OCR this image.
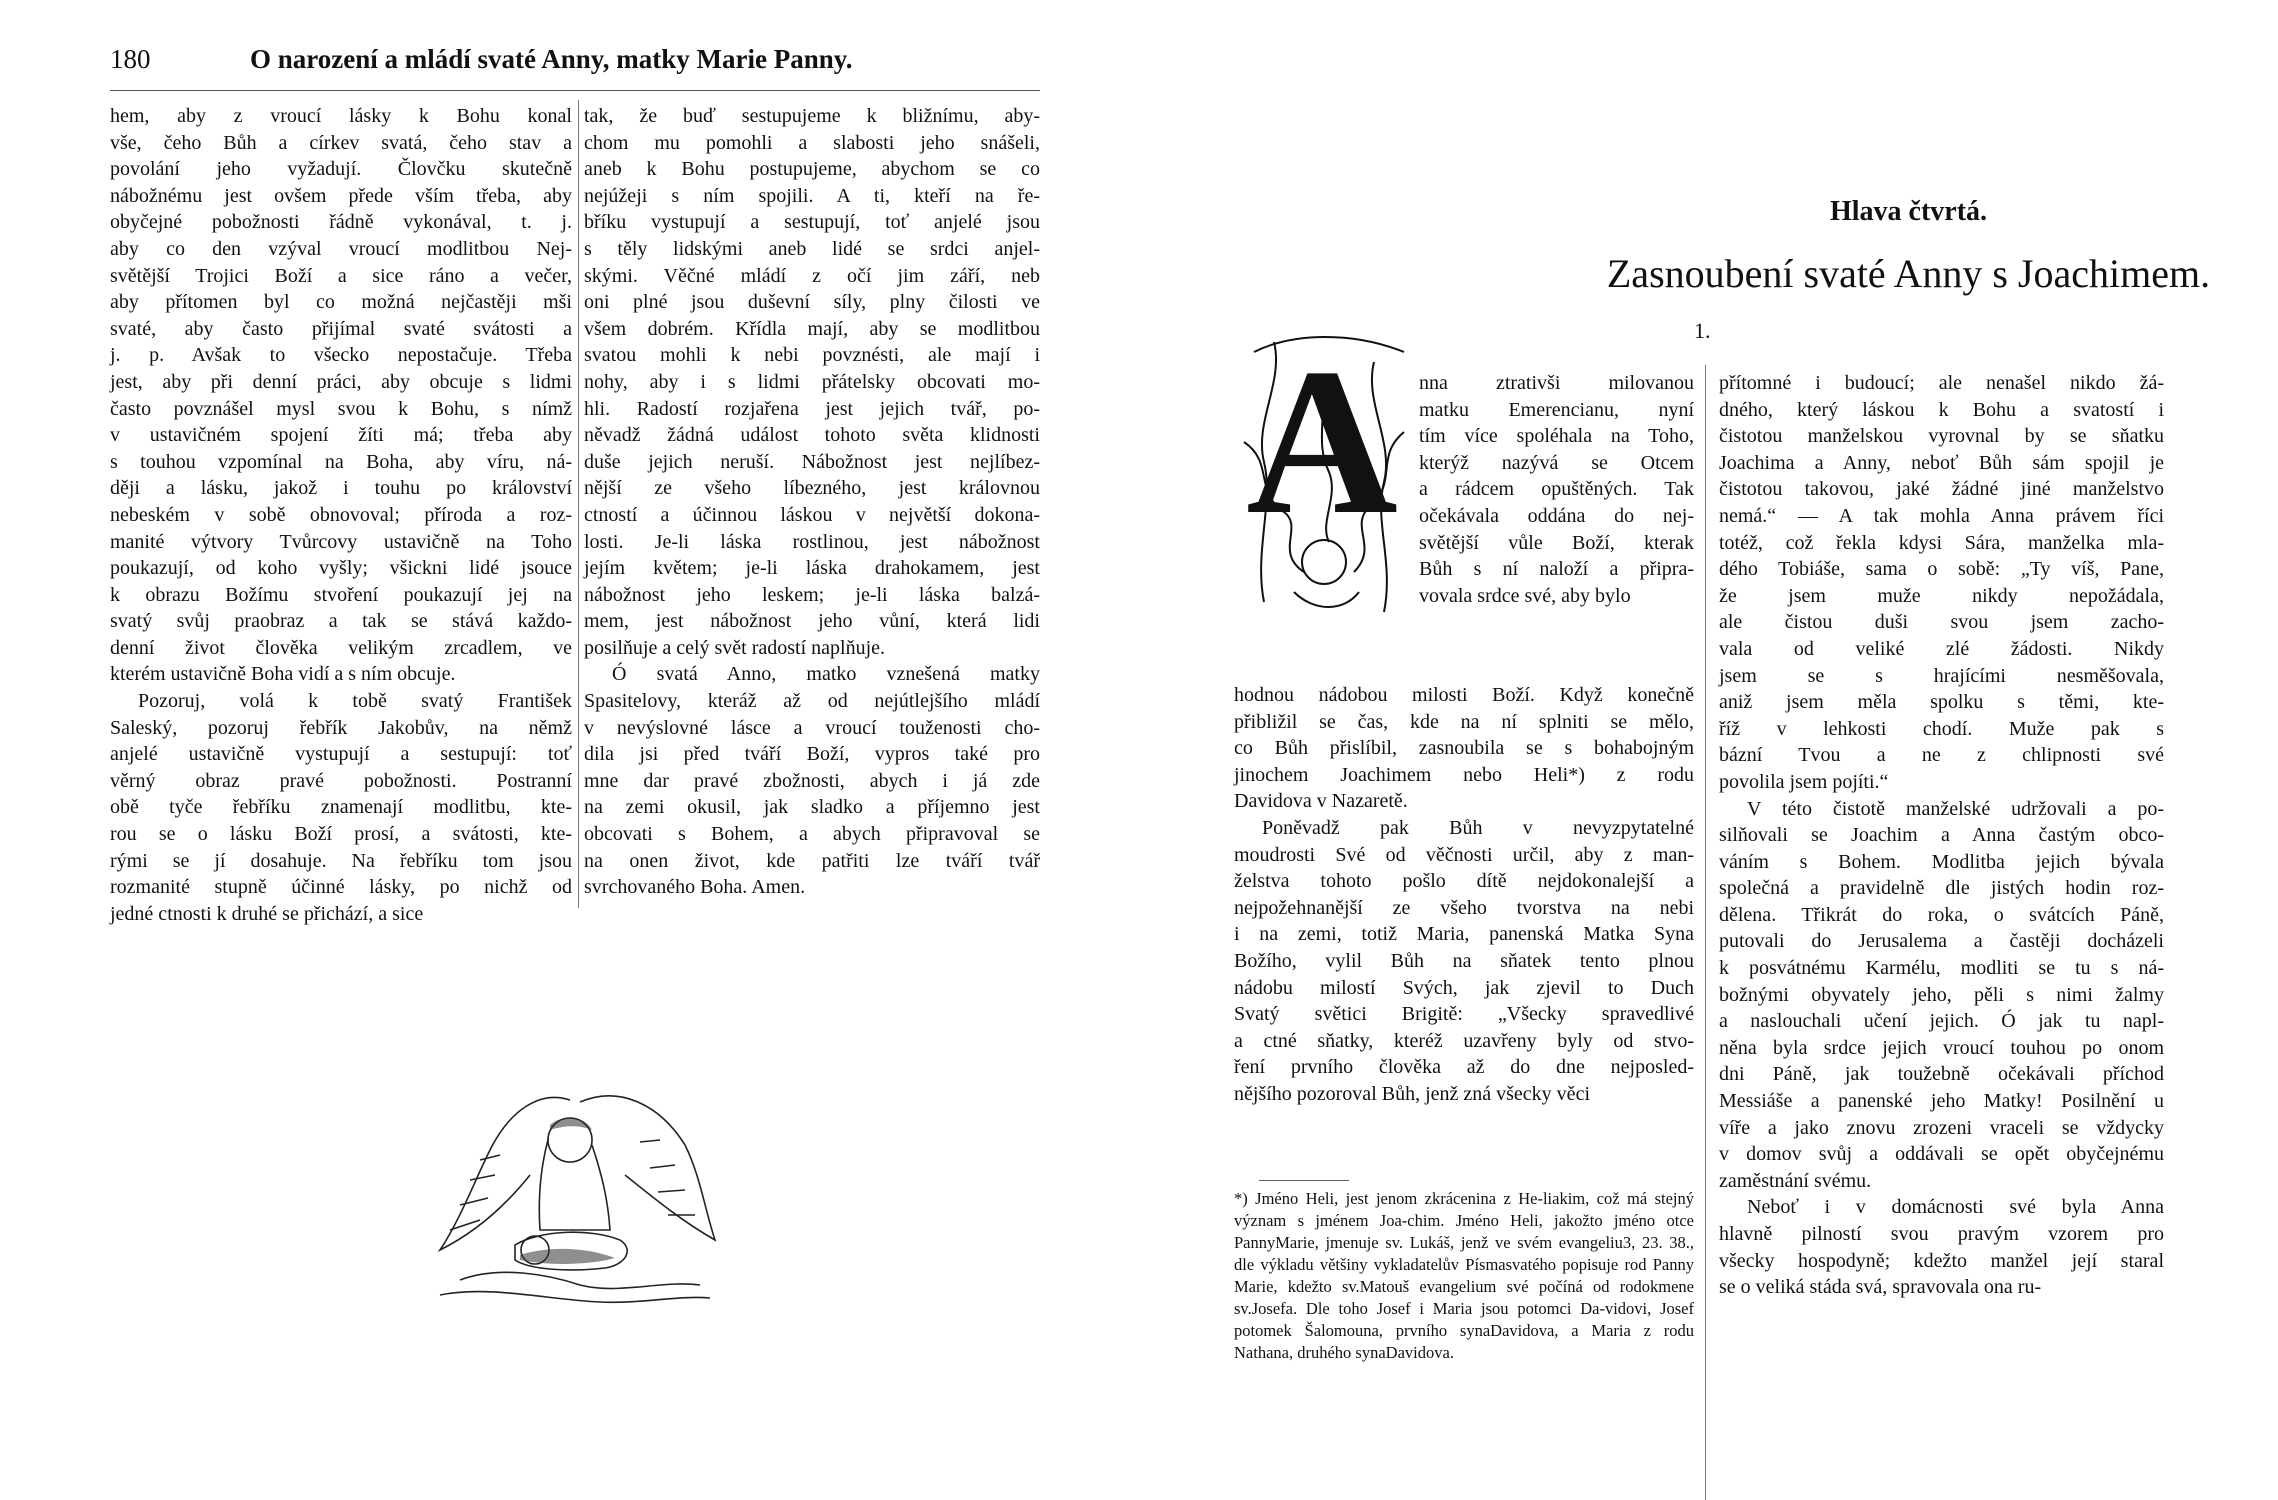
180	O narození a mládí svaté Anny, matky Marie Panny.
hem, aby z vroucí lásky k Bohu konal
vše, čeho Bůh a církev svatá, čeho stav a
povolání jeho vyžadují. Človčku skutečně
nábožnému jest ovšem přede vším třeba, aby
obyčejné pobožnosti řádně vykonával, t. j.
aby co den vzýval vroucí modlitbou Nej-
světější Trojici Boží a sice ráno a večer,
aby přítomen byl co možná nejčastěji mši
svaté, aby často přijímal svaté svátosti a
j. p. Avšak to všecko nepostačuje. Třeba
jest, aby při denní práci, aby obcuje s lidmi
často povznášel mysl svou k Bohu, s nímž
v ustavičném spojení žíti má; třeba aby
s touhou vzpomínal na Boha, aby víru, ná-
ději a lásku, jakož i touhu po království
nebeském v sobě obnovoval; příroda a roz-
manité výtvory Tvůrcovy ustavičně na Toho
poukazují, od koho vyšly; všickni lidé jsouce
k obrazu Božímu stvoření poukazují jej na
svatý svůj praobraz a tak se stává každo-
denní život člověka velikým zrcadlem, ve
kterém ustavičně Boha vidí a s ním obcuje.
Pozoruj, volá k tobě svatý František
Saleský, pozoruj řebřík Jakobův, na němž
anjelé ustavičně vystupují a sestupují: toť
věrný obraz pravé pobožnosti. Postranní
obě tyče řebříku znamenají modlitbu, kte-
rou se o lásku Boží prosí, a svátosti, kte-
rými se jí dosahuje. Na řebříku tom jsou
rozmanité stupně účinné lásky, po nichž od
jedné ctnosti k druhé se přichází, a sice
tak, že buď sestupujeme k bližnímu, aby-
chom mu pomohli a slabosti jeho snášeli,
aneb k Bohu postupujeme, abychom se co
nejúžeji s ním spojili. A ti, kteří na ře-
bříku vystupují a sestupují, toť anjelé jsou
s těly lidskými aneb lidé se srdci anjel-
skými. Věčné mládí z očí jim září, neb
oni plné jsou duševní síly, plny čilosti ve
všem dobrém. Křídla mají, aby se modlitbou
svatou mohli k nebi povznésti, ale mají i
nohy, aby i s lidmi přátelsky obcovati mo-
hli. Radostí rozjařena jest jejich tvář, po-
něvadž žádná událost tohoto světa klidnosti
duše jejich neruší. Nábožnost jest nejlíbez-
nější ze všeho líbezného, jest královnou
ctností a účinnou láskou v největší dokona-
losti. Je-li láska rostlinou, jest nábožnost
jejím květem; je-li láska drahokamem, jest
nábožnost jeho leskem; je-li láska balzá-
mem, jest nábožnost jeho vůní, která lidi
posilňuje a celý svět radostí naplňuje.
Ó svatá Anno, matko vznešená matky
Spasitelovy, kteráž až od nejútlejšího mládí
v nevýslovné lásce a vroucí touženosti cho-
dila jsi před tváří Boží, vypros také pro
mne dar pravé zbožnosti, abych i já zde
na zemi okusil, jak sladko a příjemno jest
obcovati s Bohem, a abych připravoval se
na onen život, kde patřiti lze tváří tvář
svrchovaného Boha. Amen.
Hlava čtvrtá.
Zasnoubení svaté Anny s Joachimem.
1.
A	nna ztrativši milovanou
matku Emerencianu, nyní
tím více spoléhala na Toho,
kterýž nazývá se Otcem
a rádcem opuštěných. Tak
očekávala oddána do nej-
světější vůle Boží, kterak
Bůh s ní naloží a připra-
vovala srdce své, aby bylo
hodnou nádobou milosti Boží. Když konečně
přibližil se čas, kde na ní splniti se mělo,
co Bůh přislíbil, zasnoubila se s bohabojným
jinochem Joachimem nebo Heli*) z rodu
Davidova v Nazaretě.
Poněvadž pak Bůh v nevyzpytatelné
moudrosti Své od věčnosti určil, aby z man-
želstva tohoto pošlo dítě nejdokonalejší a
nejpožehnanější ze všeho tvorstva na nebi
i na zemi, totiž Maria, panenská Matka Syna
Božího, vylil Bůh na sňatek tento plnou
nádobu milostí Svých, jak zjevil to Duch
Svatý světici Brigitě: „Všecky spravedlivé
a ctné sňatky, kteréž uzavřeny byly od stvo-
ření prvního člověka až do dne nejposled-
nějšího pozoroval Bůh, jenž zná všecky věci
přítomné i budoucí; ale nenašel nikdo žá-
dného, který láskou k Bohu a svatostí i
čistotou manželskou vyrovnal by se sňatku
Joachima a Anny, neboť Bůh sám spojil je
čistotou takovou, jaké žádné jiné manželstvo
nemá.“ — A tak mohla Anna právem říci
totéž, což řekla kdysi Sára, manželka mla-
dého Tobiáše, sama o sobě: „Ty víš, Pane,
že jsem muže nikdy nepožádala,
ale čistou duši svou jsem zacho-
vala od veliké zlé žádosti. Nikdy
jsem se s hrajícími nesměšovala,
aniž jsem měla spolku s těmi, kte-
říž v lehkosti chodí. Muže pak s
bázní Tvou a ne z chlipnosti své
povolila jsem pojíti.“
V této čistotě manželské udržovali a po-
silňovali se Joachim a Anna častým obco-
váním s Bohem. Modlitba jejich bývala
společná a pravidelně dle jistých hodin roz-
dělena. Třikrát do roka, o svátcích Páně,
putovali do Jerusalema a častěji docházeli
k posvátnému Karmélu, modliti se tu s ná-
božnými obyvately jeho, pěli s nimi žalmy
a naslouchali učení jejich. Ó jak tu napl-
něna byla srdce jejich vroucí touhou po onom
dni Páně, jak toužebně očekávali příchod
Messiáše a panenské jeho Matky! Posilnění u
víře a jako znovu zrozeni vraceli se vždycky
v domov svůj a oddávali se opět obyčejnému
zaměstnání svému.
Neboť i v domácnosti své byla Anna
hlavně pilností svou pravým vzorem pro
všecky hospodyně; kdežto manžel její staral
se o veliká stáda svá, spravovala ona ru-
*) Jméno Heli, jest jenom zkrácenina z He-liakim, což má stejný význam s jménem Joa-chim. Jméno Heli, jakožto jméno otce PannyMarie, jmenuje sv. Lukáš, jenž ve svém evangeliu3, 23. 38., dle výkladu většiny vykladatelův Písmasvatého popisuje rod Panny Marie, kdežto sv.Matouš evangelium své počíná od rodokmene sv.Josefa. Dle toho Josef i Maria jsou potomci Da-vidovi, Josef potomek Šalomouna, prvního synaDavidova, a Maria z rodu Nathana, druhého synaDavidova.
